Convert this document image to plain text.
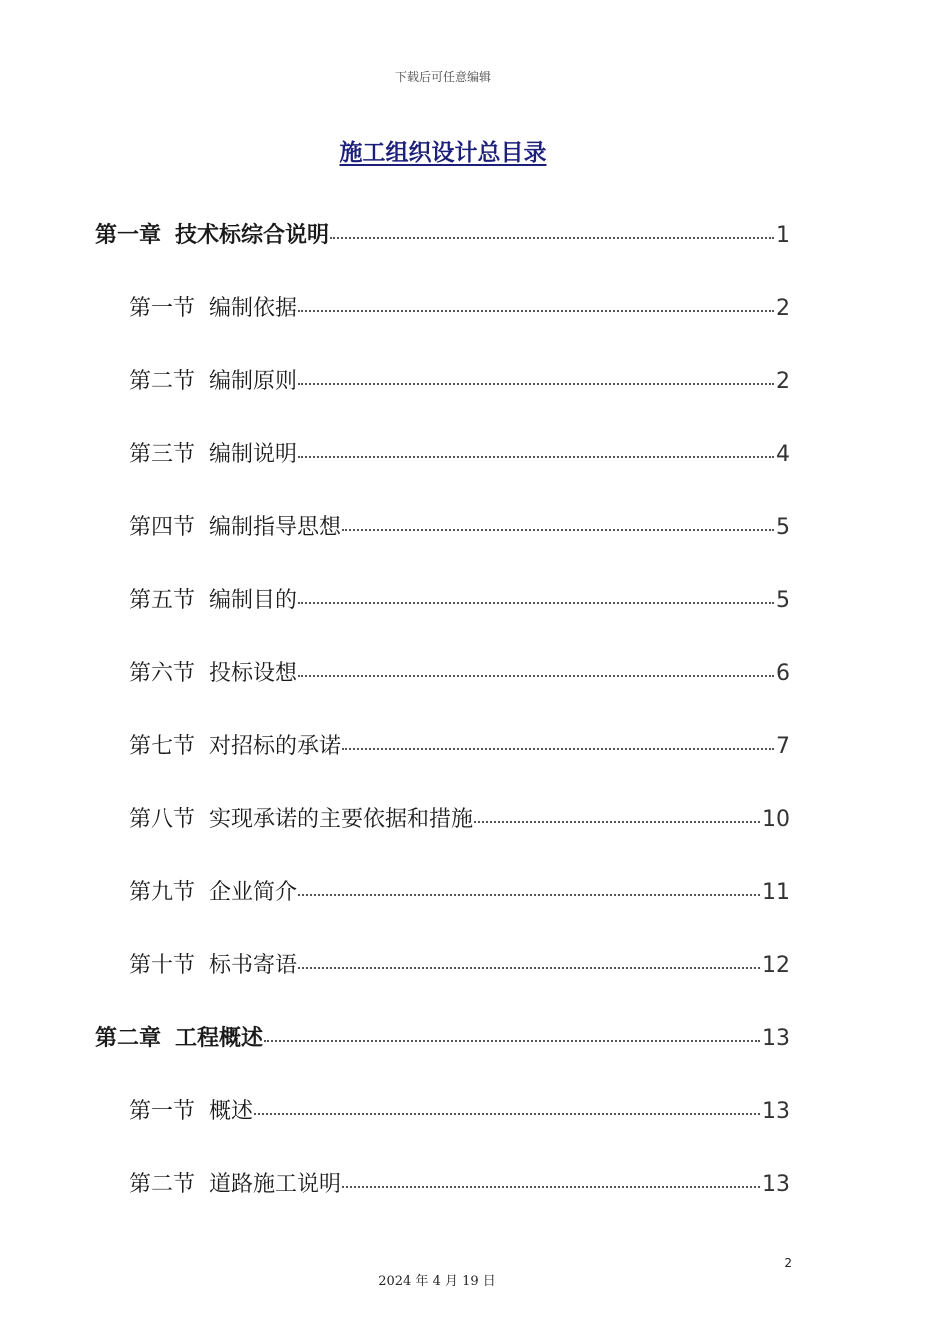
下载后可任意编辑
施工组织设计总目录
第一章 技术标综合说明	1
第一节 编制依据	2
第二节 编制原则	2
第三节 编制说明	4
第四节 编制指导思想	5
第五节 编制目的	5
第六节 投标设想	6
第七节 对招标的承诺	7
第八节 实现承诺的主要依据和措施	10
第九节 企业简介	11
第十节 标书寄语	12
第二章 工程概述	13
第一节 概述	13
第二节 道路施工说明	13
2
2024 年 4 月 19 日
